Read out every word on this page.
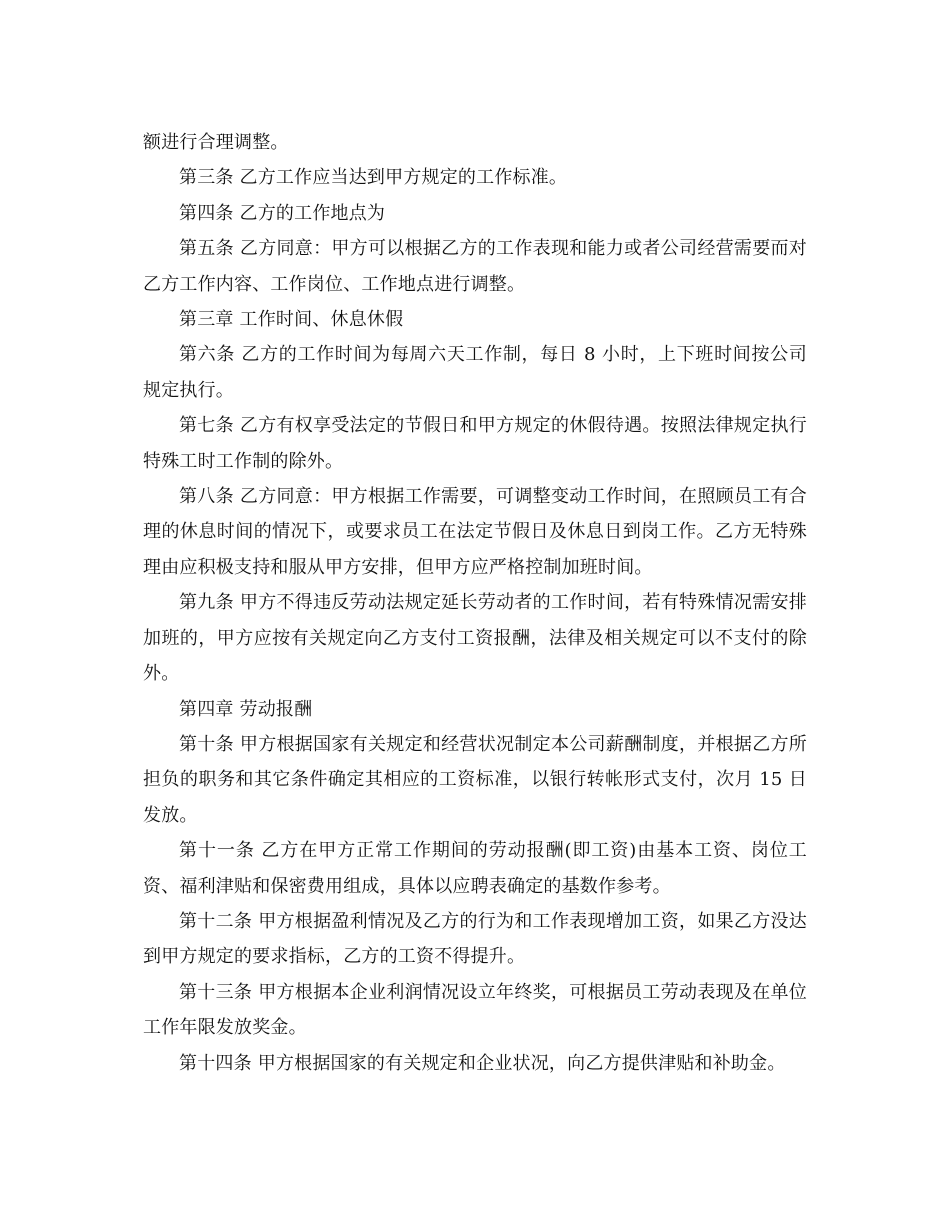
额进行合理调整。

第三条 乙方工作应当达到甲方规定的工作标准。

第四条 乙方的工作地点为

第五条 乙方同意：甲方可以根据乙方的工作表现和能力或者公司经营需要而对乙方工作内容、工作岗位、工作地点进行调整。

第三章 工作时间、休息休假

第六条 乙方的工作时间为每周六天工作制，每日 8 小时，上下班时间按公司规定执行。

第七条 乙方有权享受法定的节假日和甲方规定的休假待遇。按照法律规定执行特殊工时工作制的除外。

第八条 乙方同意：甲方根据工作需要，可调整变动工作时间，在照顾员工有合理的休息时间的情况下，或要求员工在法定节假日及休息日到岗工作。乙方无特殊理由应积极支持和服从甲方安排，但甲方应严格控制加班时间。

第九条 甲方不得违反劳动法规定延长劳动者的工作时间，若有特殊情况需安排加班的，甲方应按有关规定向乙方支付工资报酬，法律及相关规定可以不支付的除外。

第四章 劳动报酬

第十条 甲方根据国家有关规定和经营状况制定本公司薪酬制度，并根据乙方所担负的职务和其它条件确定其相应的工资标准，以银行转帐形式支付，次月 15 日发放。

第十一条 乙方在甲方正常工作期间的劳动报酬(即工资)由基本工资、岗位工资、福利津贴和保密费用组成，具体以应聘表确定的基数作参考。

第十二条 甲方根据盈利情况及乙方的行为和工作表现增加工资，如果乙方没达到甲方规定的要求指标，乙方的工资不得提升。

第十三条 甲方根据本企业利润情况设立年终奖，可根据员工劳动表现及在单位工作年限发放奖金。

第十四条 甲方根据国家的有关规定和企业状况，向乙方提供津贴和补助金。
